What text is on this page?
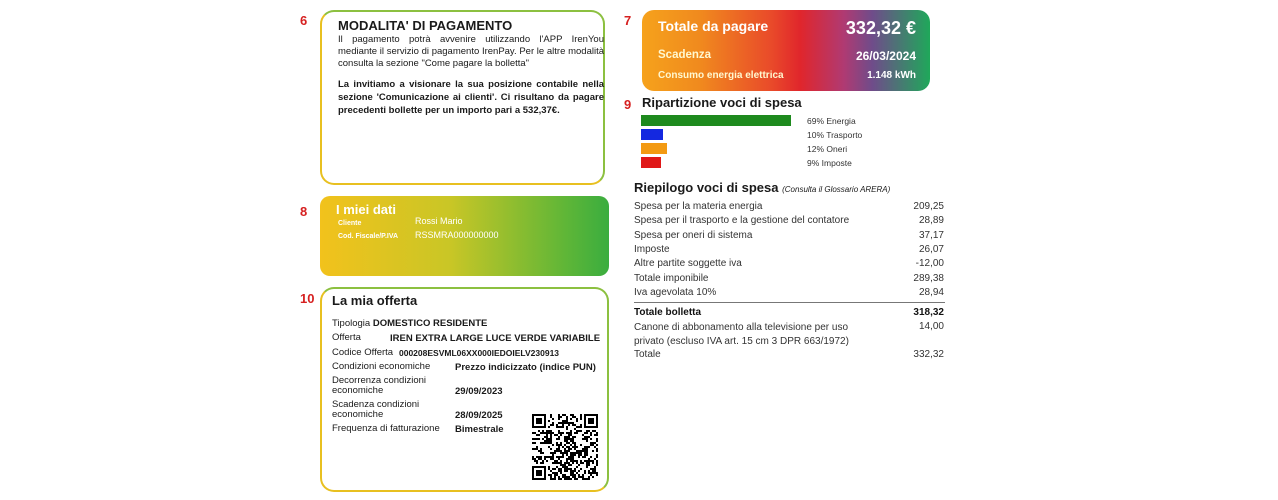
6
8
10
7
9
MODALITA' DI PAGAMENTO
Il pagamento potrà avvenire utilizzando l'APP IrenYou mediante il servizio di pagamento IrenPay. Per le altre modalità consulta la sezione "Come pagare la bolletta"
La invitiamo a visionare la sua posizione contabile nella sezione 'Comunicazione ai clienti'. Ci risultano da pagare precedenti bollette per un importo pari a 532,37€.
I miei dati
Cliente	Rossi Mario
Cod. Fiscale/P.IVA RSSMRA000000000
La mia offerta
Tipologia DOMESTICO RESIDENTE
Offerta	IREN EXTRA LARGE LUCE VERDE VARIABILE
Codice Offerta 000208ESVML06XX000IEDOIELV230913
Condizioni economiche	Prezzo indicizzato (indice PUN)
Decorrenza condizioni
economiche	29/09/2023
Scadenza condizioni
economiche	28/09/2025
Frequenza di fatturazione Bimestrale
Totale da pagare	332,32 €
Scadenza	26/03/2024
Consumo energia elettrica	1.148 kWh
Ripartizione voci di spesa
69% Energia
10% Trasporto
12% Oneri
9% Imposte
Riepilogo voci di spesa (Consulta il Glossario ARERA)
Spesa per la materia energia	209,25
Spesa per il trasporto e la gestione del contatore	28,89
Spesa per oneri di sistema	37,17
Imposte	26,07
Altre partite soggette iva	-12,00
Totale imponibile	289,38
Iva agevolata 10%	28,94
Totale bolletta	318,32
Canone di abbonamento alla televisione per uso
privato (escluso IVA art. 15 cm 3 DPR 663/1972)
14,00
Totale	332,32
